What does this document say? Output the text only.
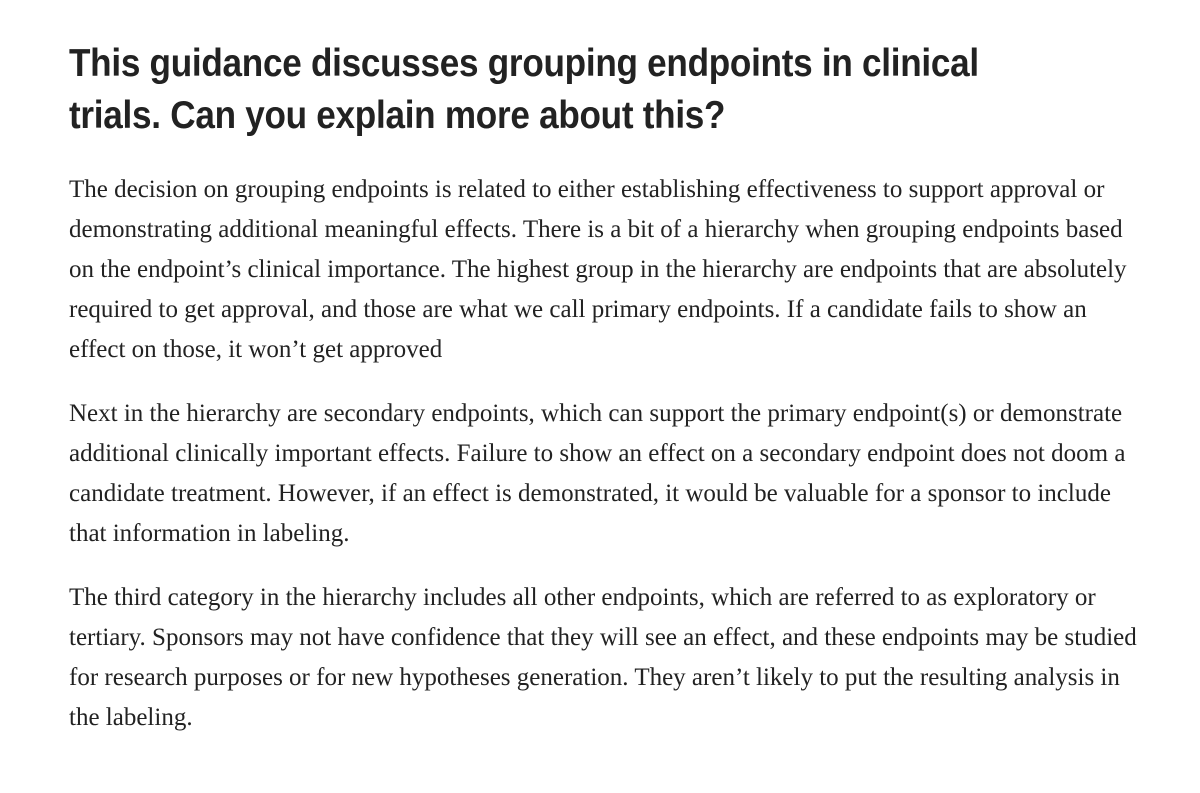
This guidance discusses grouping endpoints in clinical trials. Can you explain more about this?

The decision on grouping endpoints is related to either establishing effectiveness to support approval or demonstrating additional meaningful effects. There is a bit of a hierarchy when grouping endpoints based on the endpoint’s clinical importance. The highest group in the hierarchy are endpoints that are absolutely required to get approval, and those are what we call primary endpoints. If a candidate fails to show an effect on those, it won’t get approved

Next in the hierarchy are secondary endpoints, which can support the primary endpoint(s) or demonstrate additional clinically important effects. Failure to show an effect on a secondary endpoint does not doom a candidate treatment. However, if an effect is demonstrated, it would be valuable for a sponsor to include that information in labeling.

The third category in the hierarchy includes all other endpoints, which are referred to as exploratory or tertiary. Sponsors may not have confidence that they will see an effect, and these endpoints may be studied for research purposes or for new hypotheses generation. They aren’t likely to put the resulting analysis in the labeling.
